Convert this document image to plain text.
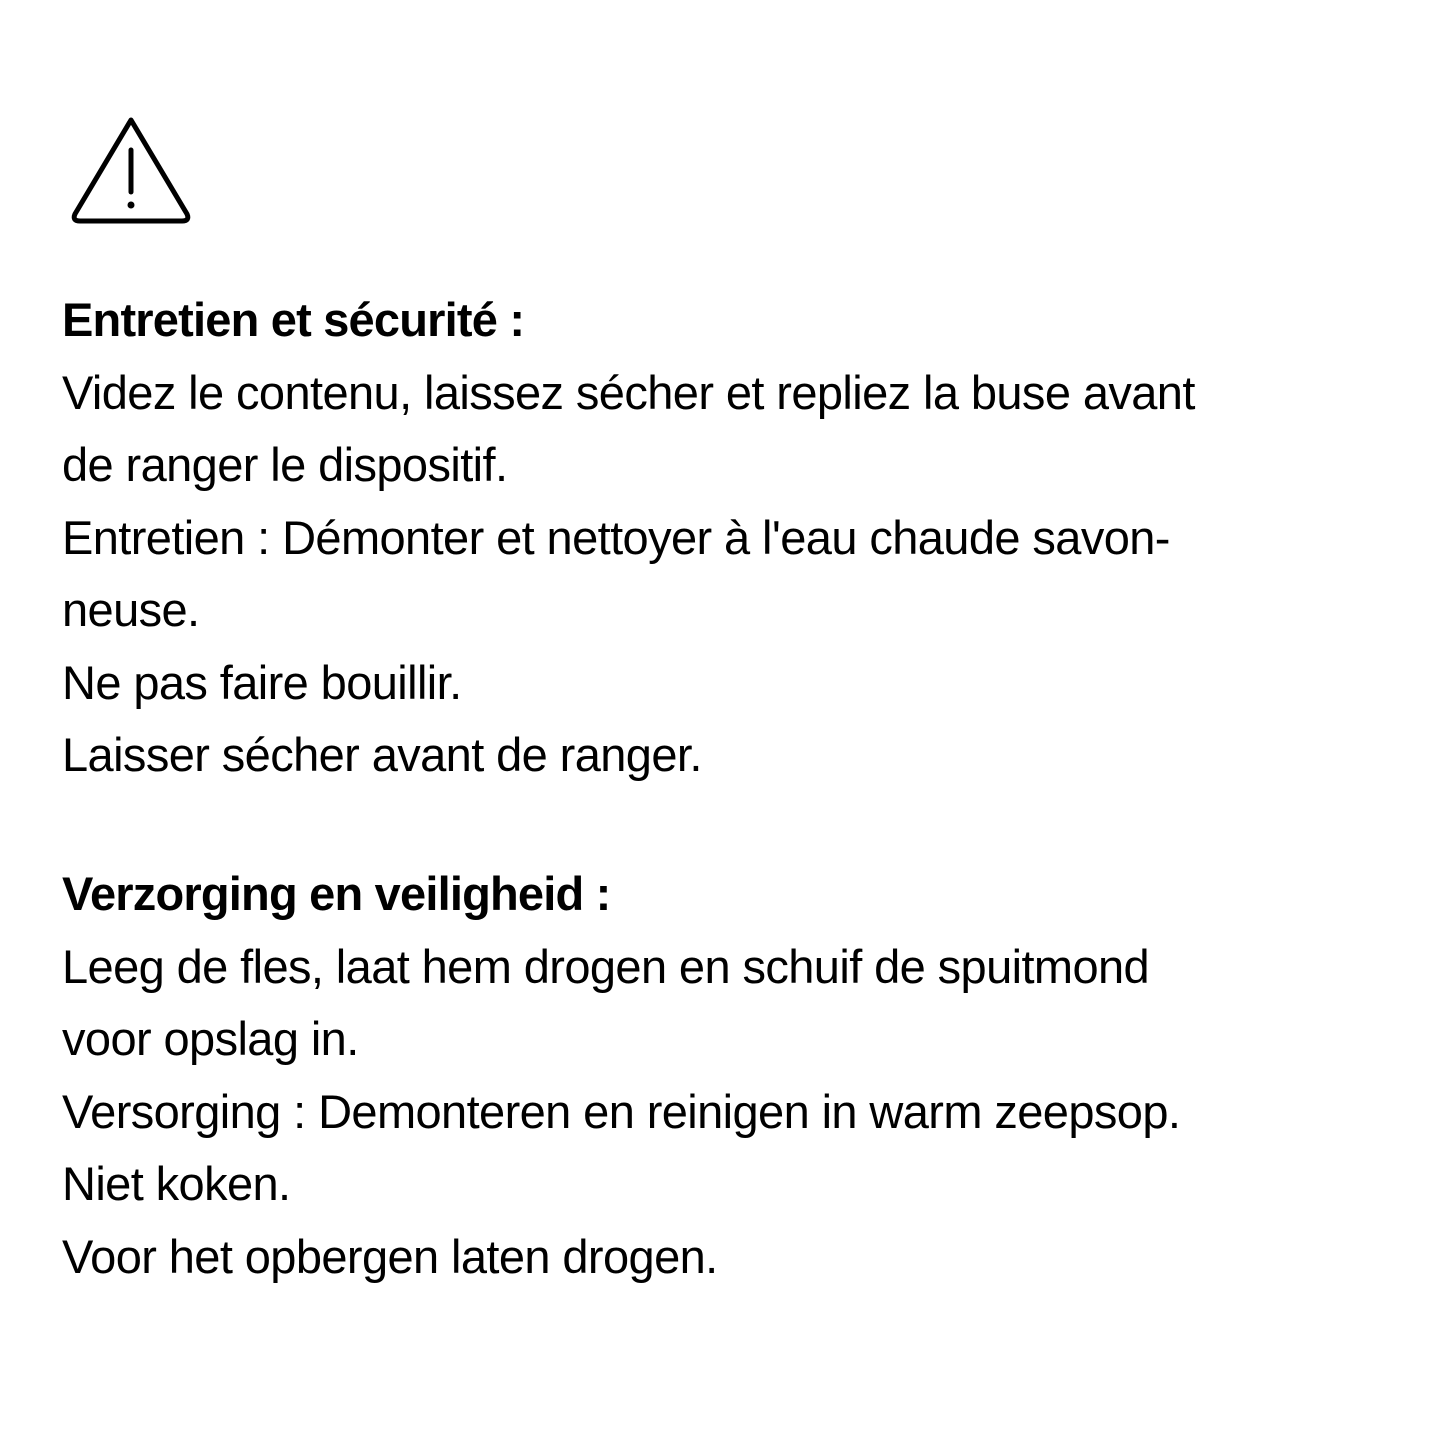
Entretien et sécurité :
Videz le contenu, laissez sécher et repliez la buse avant
de ranger le dispositif.
Entretien : Démonter et nettoyer à l'eau chaude savon-
neuse.
Ne pas faire bouillir.
Laisser sécher avant de ranger.
Verzorging en veiligheid :
Leeg de fles, laat hem drogen en schuif de spuitmond
voor opslag in.
Versorging : Demonteren en reinigen in warm zeepsop.
Niet koken.
Voor het opbergen laten drogen.
